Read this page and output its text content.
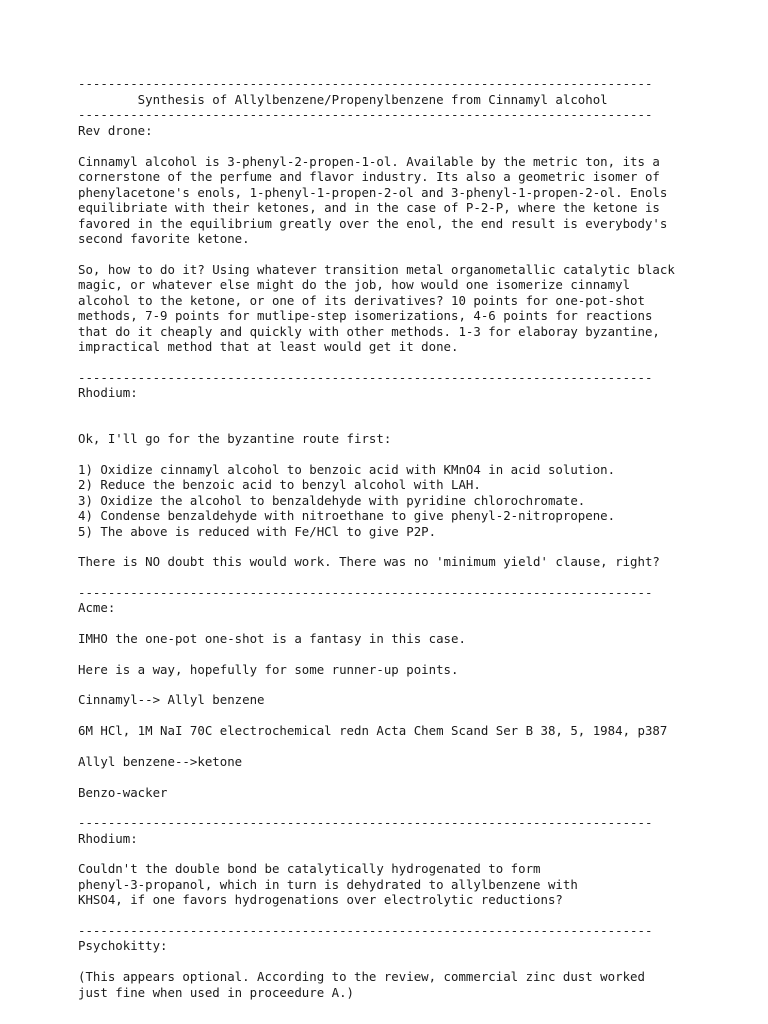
-----------------------------------------------------------------------------
Synthesis of Allylbenzene/Propenylbenzene from Cinnamyl alcohol
-----------------------------------------------------------------------------
Rev drone:
Cinnamyl alcohol is 3-phenyl-2-propen-1-ol. Available by the metric ton, its a
cornerstone of the perfume and flavor industry. Its also a geometric isomer of
phenylacetone's enols, 1-phenyl-1-propen-2-ol and 3-phenyl-1-propen-2-ol. Enols
equilibriate with their ketones, and in the case of P-2-P, where the ketone is
favored in the equilibrium greatly over the enol, the end result is everybody's
second favorite ketone.
So, how to do it? Using whatever transition metal organometallic catalytic black
magic, or whatever else might do the job, how would one isomerize cinnamyl
alcohol to the ketone, or one of its derivatives? 10 points for one-pot-shot
methods, 7-9 points for mutlipe-step isomerizations, 4-6 points for reactions
that do it cheaply and quickly with other methods. 1-3 for elaboray byzantine,
impractical method that at least would get it done.
-----------------------------------------------------------------------------
Rhodium:
Ok, I'll go for the byzantine route first:
1) Oxidize cinnamyl alcohol to benzoic acid with KMnO4 in acid solution.
2) Reduce the benzoic acid to benzyl alcohol with LAH.
3) Oxidize the alcohol to benzaldehyde with pyridine chlorochromate.
4) Condense benzaldehyde with nitroethane to give phenyl-2-nitropropene.
5) The above is reduced with Fe/HCl to give P2P.
There is NO doubt this would work. There was no 'minimum yield' clause, right?
-----------------------------------------------------------------------------
Acme:
IMHO the one-pot one-shot is a fantasy in this case.
Here is a way, hopefully for some runner-up points.
Cinnamyl--> Allyl benzene
6M HCl, 1M NaI 70C electrochemical redn Acta Chem Scand Ser B 38, 5, 1984, p387
Allyl benzene-->ketone
Benzo-wacker
-----------------------------------------------------------------------------
Rhodium:
Couldn't the double bond be catalytically hydrogenated to form
phenyl-3-propanol, which in turn is dehydrated to allylbenzene with
KHSO4, if one favors hydrogenations over electrolytic reductions?
-----------------------------------------------------------------------------
Psychokitty:
(This appears optional. According to the review, commercial zinc dust worked
just fine when used in proceedure A.)
